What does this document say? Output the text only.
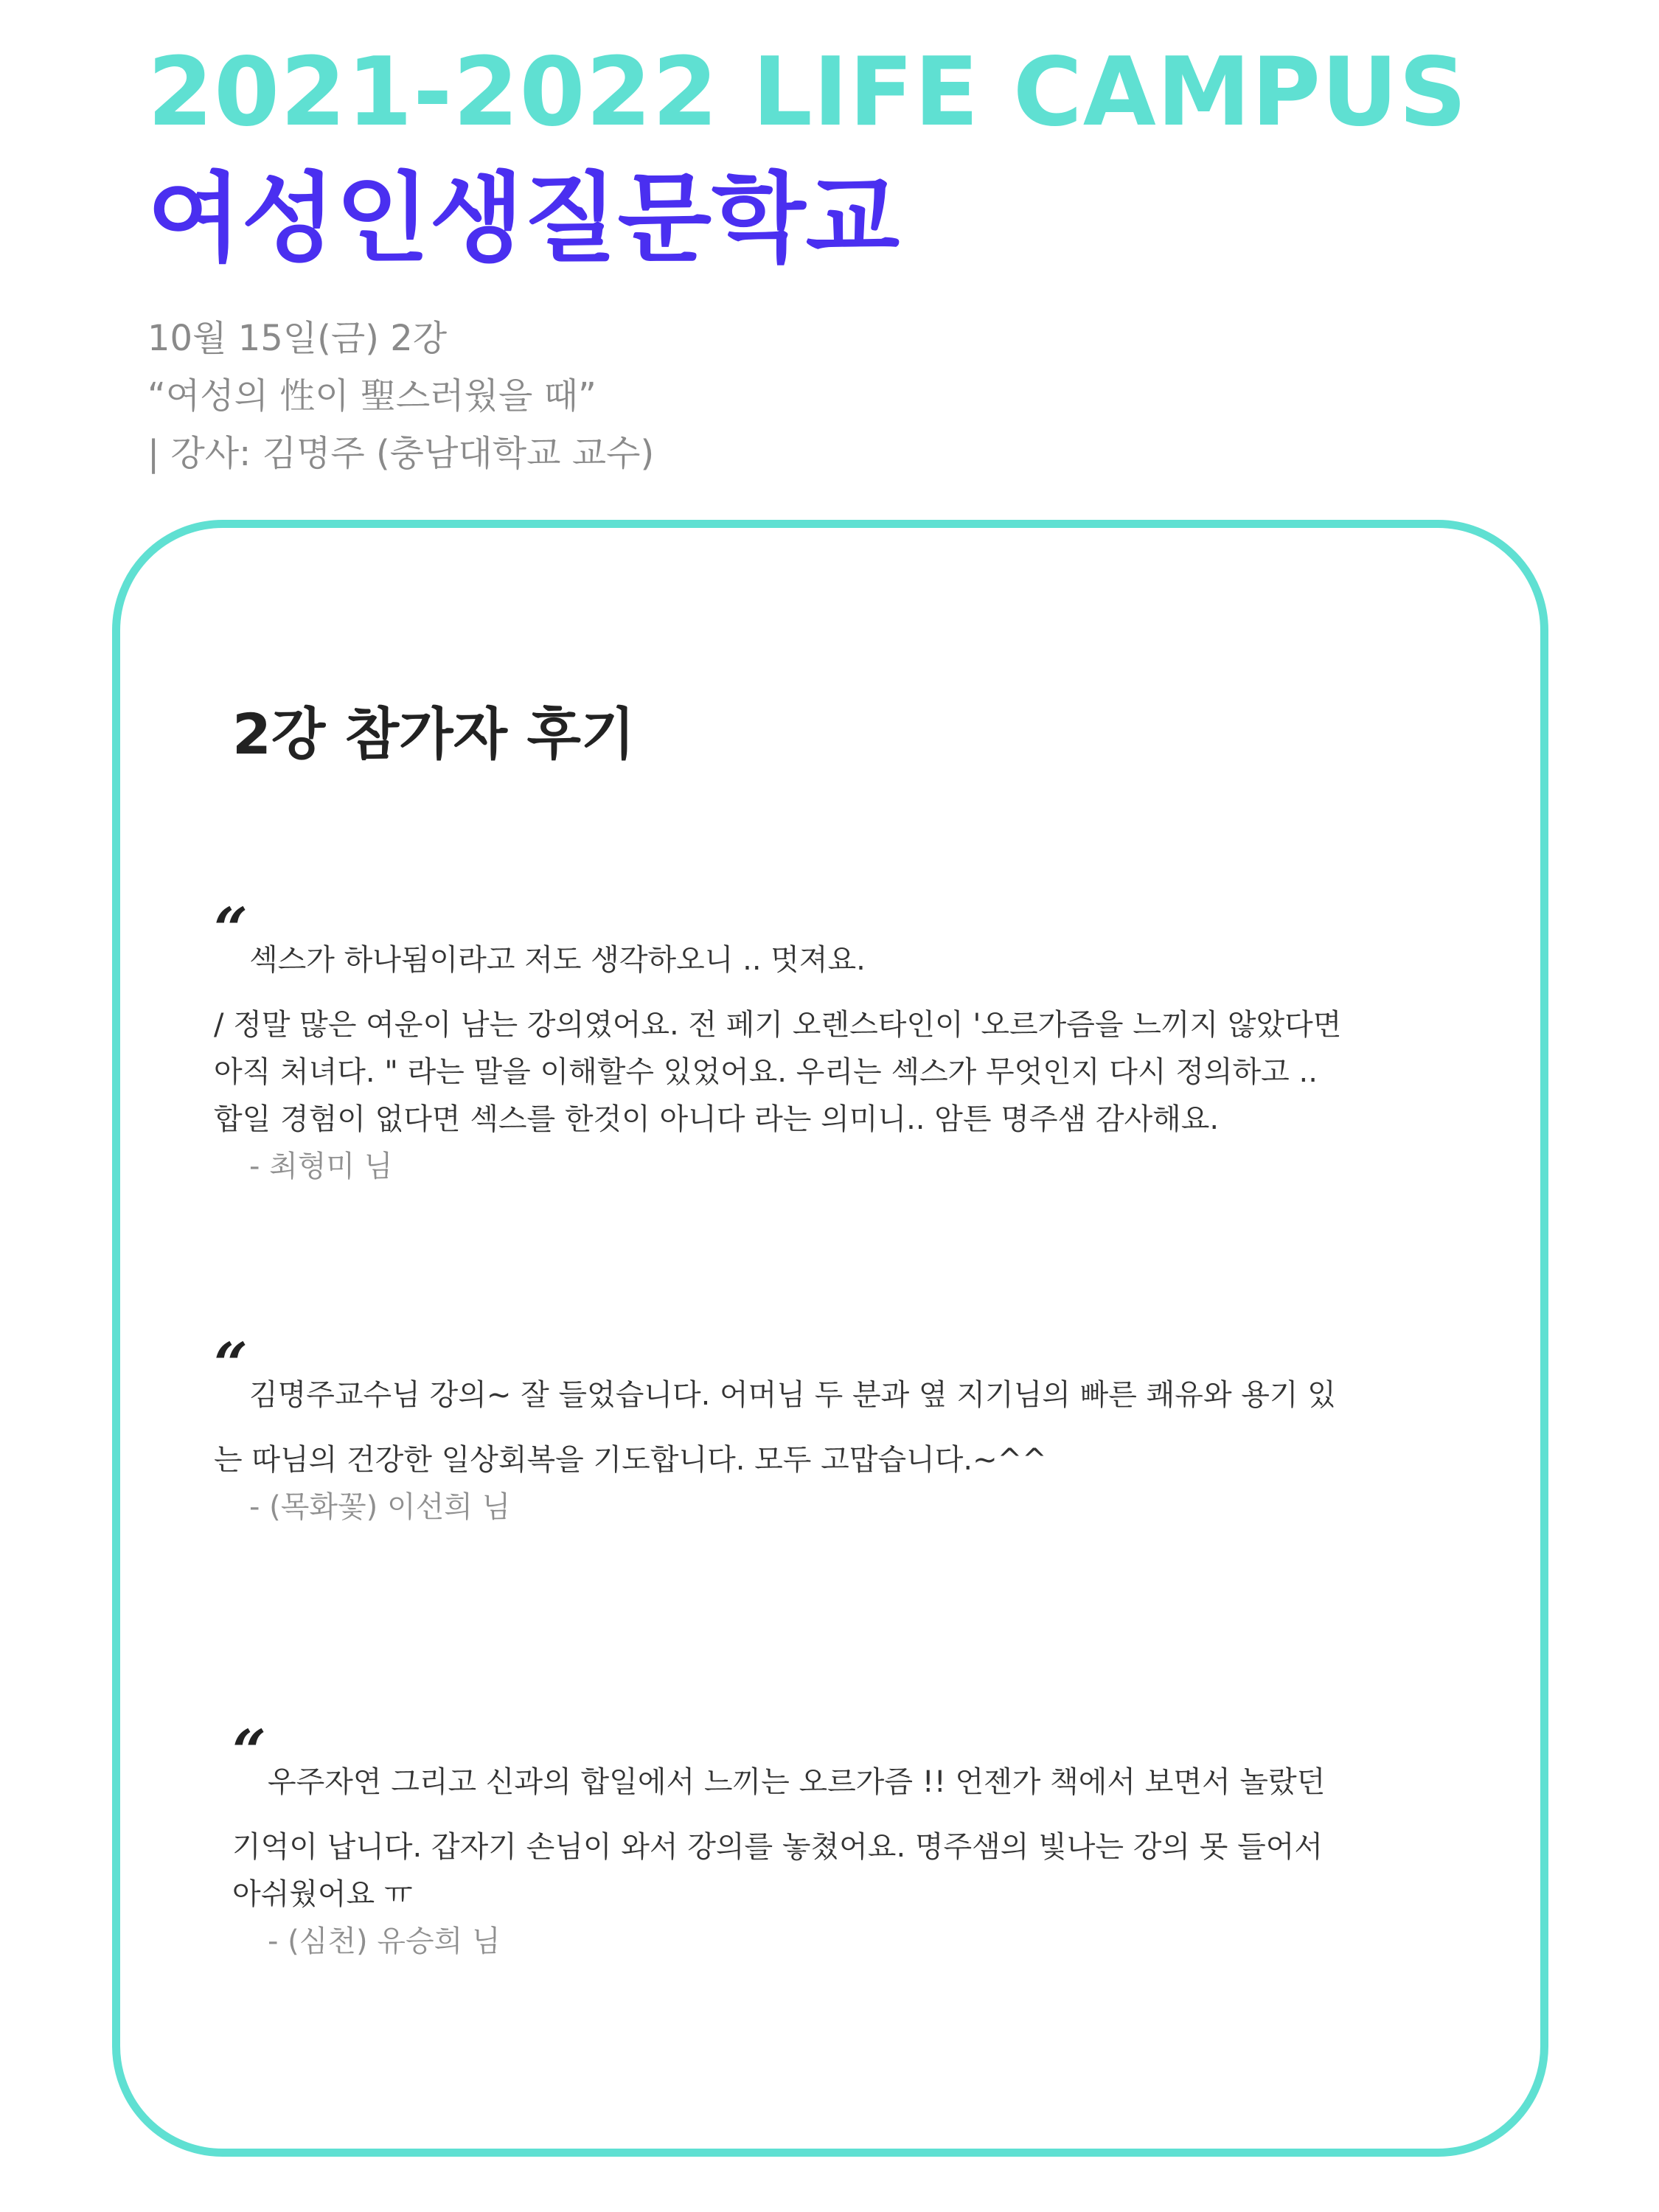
2021-2022 LIFE CAMPUS
여성인생질문학교
10월 15일(금) 2강
“여성의 性이 聖스러웠을 때”
| 강사: 김명주 (충남대학교 교수)
2강 참가자 후기
“ 섹스가 하나됨이라고 저도 생각하오니 .. 멋져요.
/ 정말 많은 여운이 남는 강의였어요. 전 페기 오렌스타인이 '오르가즘을 느끼지 않았다면
아직 처녀다. " 라는 말을 이해할수 있었어요. 우리는 섹스가 무엇인지 다시 정의하고 ..
합일 경험이 없다면 섹스를 한것이 아니다 라는 의미니.. 암튼 명주샘 감사해요.
- 최형미 님
“ 김명주교수님 강의~ 잘 들었습니다. 어머님 두 분과 옆 지기님의 빠른 쾌유와 용기 있
는 따님의 건강한 일상회복을 기도합니다. 모두 고맙습니다.~^^
- (목화꽃) 이선희 님
“ 우주자연 그리고 신과의 합일에서 느끼는 오르가즘 !! 언젠가 책에서 보면서 놀랐던
기억이 납니다. 갑자기 손님이 와서 강의를 놓쳤어요. 명주샘의 빛나는 강의 못 들어서
아쉬웠어요 ㅠ
- (심천) 유승희 님
